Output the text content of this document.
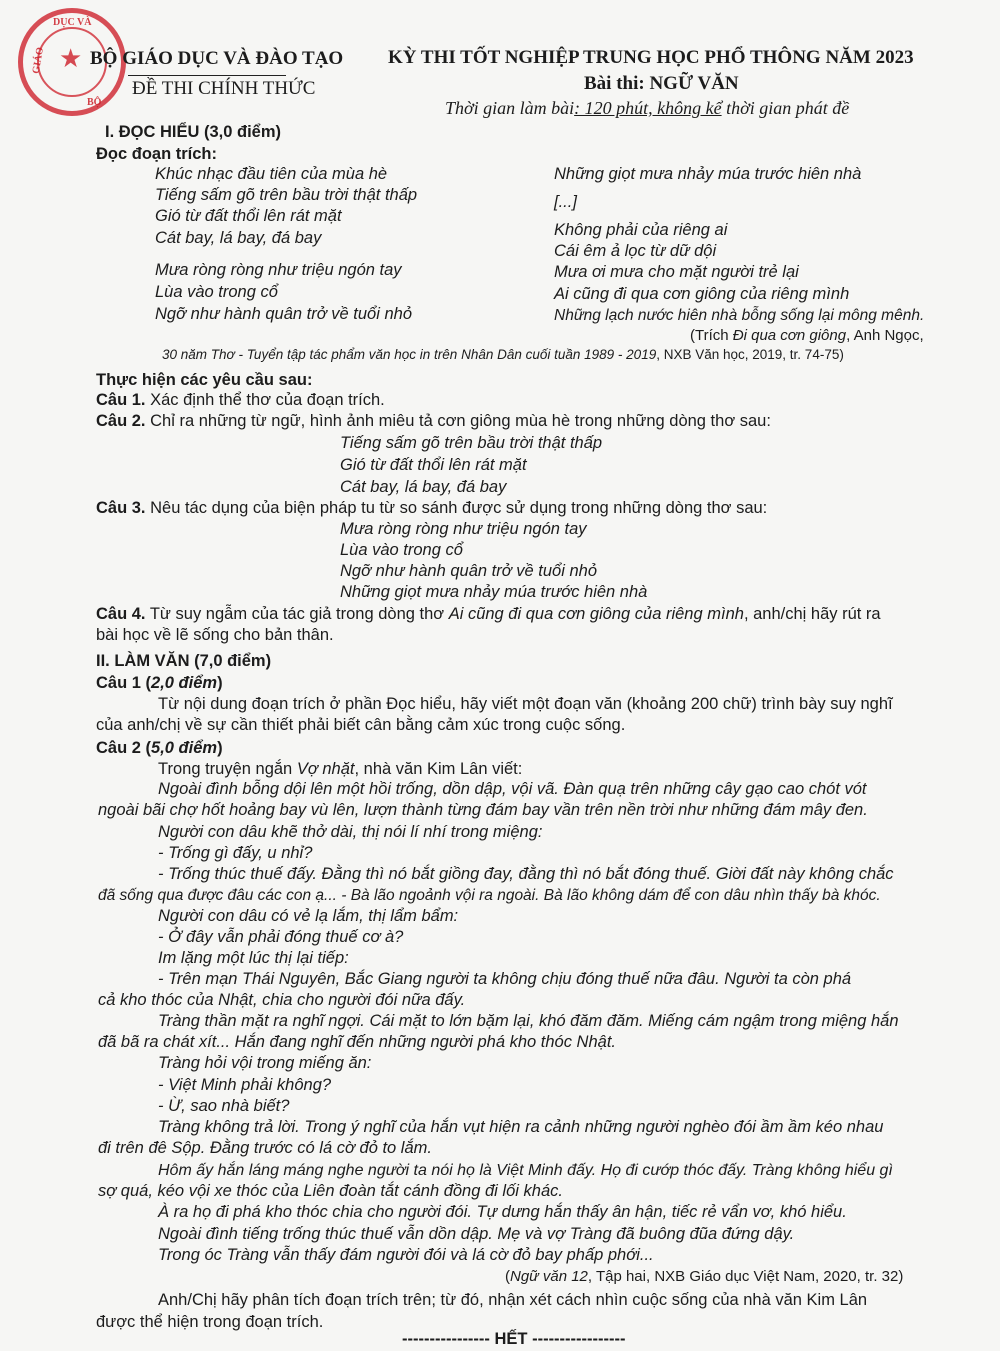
★
DỤC VÀ
GIÁO
BỘ
BỘ GIÁO DỤC VÀ ĐÀO TẠO
ĐỀ THI CHÍNH THỨC
KỲ THI TỐT NGHIỆP TRUNG HỌC PHỔ THÔNG NĂM 2023
Bài thi: NGỮ VĂN
Thời gian làm bài: 120 phút, không kể thời gian phát đề
I. ĐỌC HIỂU (3,0 điểm)
Đọc đoạn trích:
Khúc nhạc đầu tiên của mùa hè
Tiếng sấm gõ trên bầu trời thật thấp
Gió từ đất thổi lên rát mặt
Cát bay, lá bay, đá bay
Mưa ròng ròng như triệu ngón tay
Lùa vào trong cổ
Ngỡ như hành quân trở về tuổi nhỏ
Những giọt mưa nhảy múa trước hiên nhà
[...]
Không phải của riêng ai
Cái êm ả lọc từ dữ dội
Mưa ơi mưa cho mặt người trẻ lại
Ai cũng đi qua cơn giông của riêng mình
Những lạch nước hiên nhà bỗng sống lại mông mênh.
(Trích Đi qua cơn giông, Anh Ngọc,
30 năm Thơ - Tuyển tập tác phẩm văn học in trên Nhân Dân cuối tuần 1989 - 2019, NXB Văn học, 2019, tr. 74-75)
Thực hiện các yêu cầu sau:
Câu 1. Xác định thể thơ của đoạn trích.
Câu 2. Chỉ ra những từ ngữ, hình ảnh miêu tả cơn giông mùa hè trong những dòng thơ sau:
Tiếng sấm gõ trên bầu trời thật thấp
Gió từ đất thổi lên rát mặt
Cát bay, lá bay, đá bay
Câu 3. Nêu tác dụng của biện pháp tu từ so sánh được sử dụng trong những dòng thơ sau:
Mưa ròng ròng như triệu ngón tay
Lùa vào trong cổ
Ngỡ như hành quân trở về tuổi nhỏ
Những giọt mưa nhảy múa trước hiên nhà
Câu 4. Từ suy ngẫm của tác giả trong dòng thơ Ai cũng đi qua cơn giông của riêng mình, anh/chị hãy rút ra
bài học về lẽ sống cho bản thân.
II. LÀM VĂN (7,0 điểm)
Câu 1 (2,0 điểm)
Từ nội dung đoạn trích ở phần Đọc hiểu, hãy viết một đoạn văn (khoảng 200 chữ) trình bày suy nghĩ
của anh/chị về sự cần thiết phải biết cân bằng cảm xúc trong cuộc sống.
Câu 2 (5,0 điểm)
Trong truyện ngắn Vợ nhặt, nhà văn Kim Lân viết:
Ngoài đình bỗng dội lên một hồi trống, dồn dập, vội vã. Đàn quạ trên những cây gạo cao chót vót
ngoài bãi chợ hốt hoảng bay vù lên, lượn thành từng đám bay vần trên nền trời như những đám mây đen.
Người con dâu khẽ thở dài, thị nói lí nhí trong miệng:
- Trống gì đấy, u nhỉ?
- Trống thúc thuế đấy. Đằng thì nó bắt giồng đay, đằng thì nó bắt đóng thuế. Giời đất này không chắc
đã sống qua được đâu các con ạ... - Bà lão ngoảnh vội ra ngoài. Bà lão không dám để con dâu nhìn thấy bà khóc.
Người con dâu có vẻ lạ lắm, thị lẩm bẩm:
- Ở đây vẫn phải đóng thuế cơ à?
Im lặng một lúc thị lại tiếp:
- Trên mạn Thái Nguyên, Bắc Giang người ta không chịu đóng thuế nữa đâu. Người ta còn phá
cả kho thóc của Nhật, chia cho người đói nữa đấy.
Tràng thần mặt ra nghĩ ngợi. Cái mặt to lớn bặm lại, khó đăm đăm. Miếng cám ngậm trong miệng hắn
đã bã ra chát xít... Hắn đang nghĩ đến những người phá kho thóc Nhật.
Tràng hỏi vội trong miếng ăn:
- Việt Minh phải không?
- Ừ, sao nhà biết?
Tràng không trả lời. Trong ý nghĩ của hắn vụt hiện ra cảnh những người nghèo đói ầm ầm kéo nhau
đi trên đê Sộp. Đằng trước có lá cờ đỏ to lắm.
Hôm ấy hắn láng máng nghe người ta nói họ là Việt Minh đấy. Họ đi cướp thóc đấy. Tràng không hiểu gì
sợ quá, kéo vội xe thóc của Liên đoàn tắt cánh đồng đi lối khác.
À ra họ đi phá kho thóc chia cho người đói. Tự dưng hắn thấy ân hận, tiếc rẻ vẩn vơ, khó hiểu.
Ngoài đình tiếng trống thúc thuế vẫn dồn dập. Mẹ và vợ Tràng đã buông đũa đứng dậy.
Trong óc Tràng vẫn thấy đám người đói và lá cờ đỏ bay phấp phới...
(Ngữ văn 12, Tập hai, NXB Giáo dục Việt Nam, 2020, tr. 32)
Anh/Chị hãy phân tích đoạn trích trên; từ đó, nhận xét cách nhìn cuộc sống của nhà văn Kim Lân
được thể hiện trong đoạn trích.
---------------- HẾT -----------------
